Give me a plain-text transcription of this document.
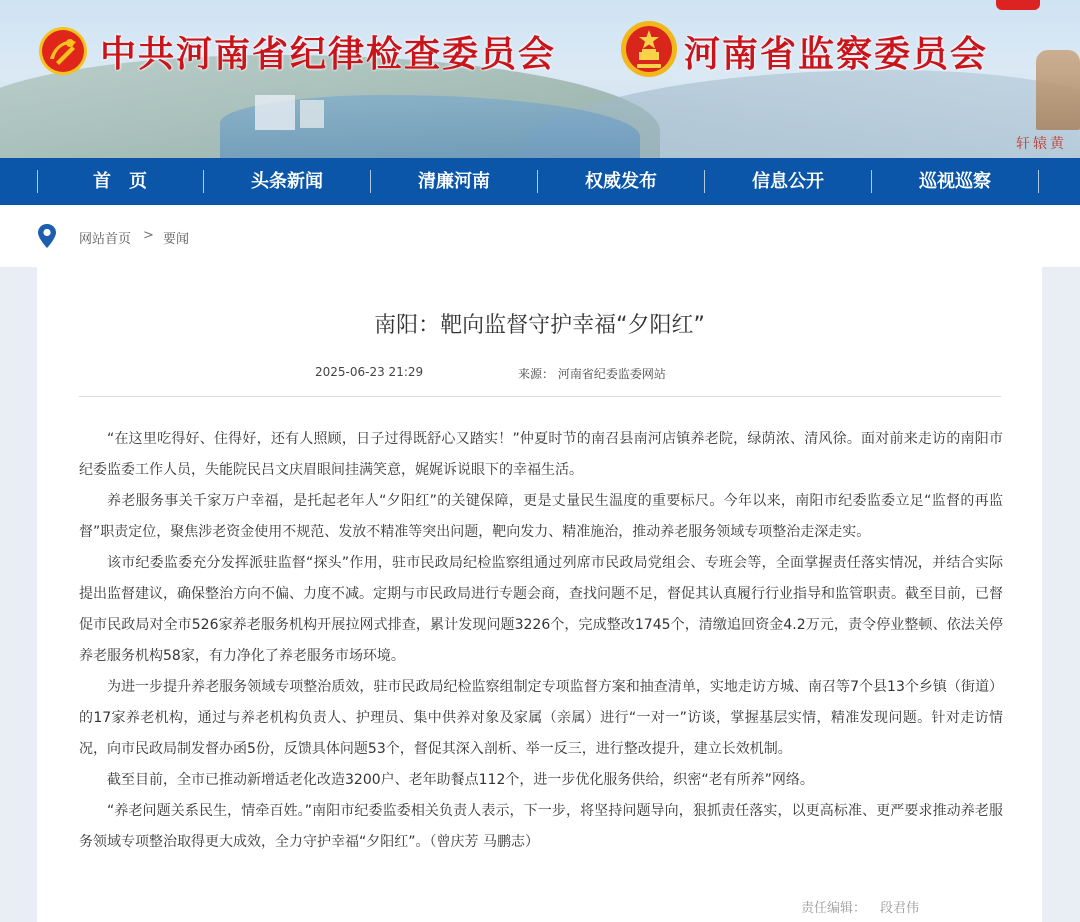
轩辕黄
中共河南省纪律检查委员会	河南省监察委员会
首　页	头条新闻	清廉河南	权威发布	信息公开	巡视巡察
网站首页 > 要闻
南阳：靶向监督守护幸福“夕阳红”
2025-06-23 21:29	来源： 河南省纪委监委网站

“在这里吃得好、住得好，还有人照顾，日子过得既舒心又踏实！”仲夏时节的南召县南河店镇养老院，绿荫浓、清风徐。面对前来走访的南阳市纪委监委工作人员，失能院民吕文庆眉眼间挂满笑意，娓娓诉说眼下的幸福生活。

养老服务事关千家万户幸福，是托起老年人“夕阳红”的关键保障，更是丈量民生温度的重要标尺。今年以来，南阳市纪委监委立足“监督的再监督”职责定位，聚焦涉老资金使用不规范、发放不精准等突出问题，靶向发力、精准施治，推动养老服务领域专项整治走深走实。

该市纪委监委充分发挥派驻监督“探头”作用，驻市民政局纪检监察组通过列席市民政局党组会、专班会等，全面掌握责任落实情况，并结合实际提出监督建议，确保整治方向不偏、力度不减。定期与市民政局进行专题会商，查找问题不足，督促其认真履行行业指导和监管职责。截至目前，已督促市民政局对全市526家养老服务机构开展拉网式排查，累计发现问题3226个，完成整改1745个，清缴追回资金4.2万元，责令停业整顿、依法关停养老服务机构58家，有力净化了养老服务市场环境。

为进一步提升养老服务领域专项整治质效，驻市民政局纪检监察组制定专项监督方案和抽查清单，实地走访方城、南召等7个县13个乡镇（街道）的17家养老机构，通过与养老机构负责人、护理员、集中供养对象及家属（亲属）进行“一对一”访谈，掌握基层实情，精准发现问题。针对走访情况，向市民政局制发督办函5份，反馈具体问题53个，督促其深入剖析、举一反三，进行整改提升，建立长效机制。

截至目前，全市已推动新增适老化改造3200户、老年助餐点112个，进一步优化服务供给，织密“老有所养”网络。

“养老问题关系民生，情牵百姓。”南阳市纪委监委相关负责人表示，下一步，将坚持问题导向，狠抓责任落实，以更高标准、更严要求推动养老服务领域专项整治取得更大成效，全力守护幸福“夕阳红”。（曾庆芳 马鹏志）

责任编辑： 段君伟
